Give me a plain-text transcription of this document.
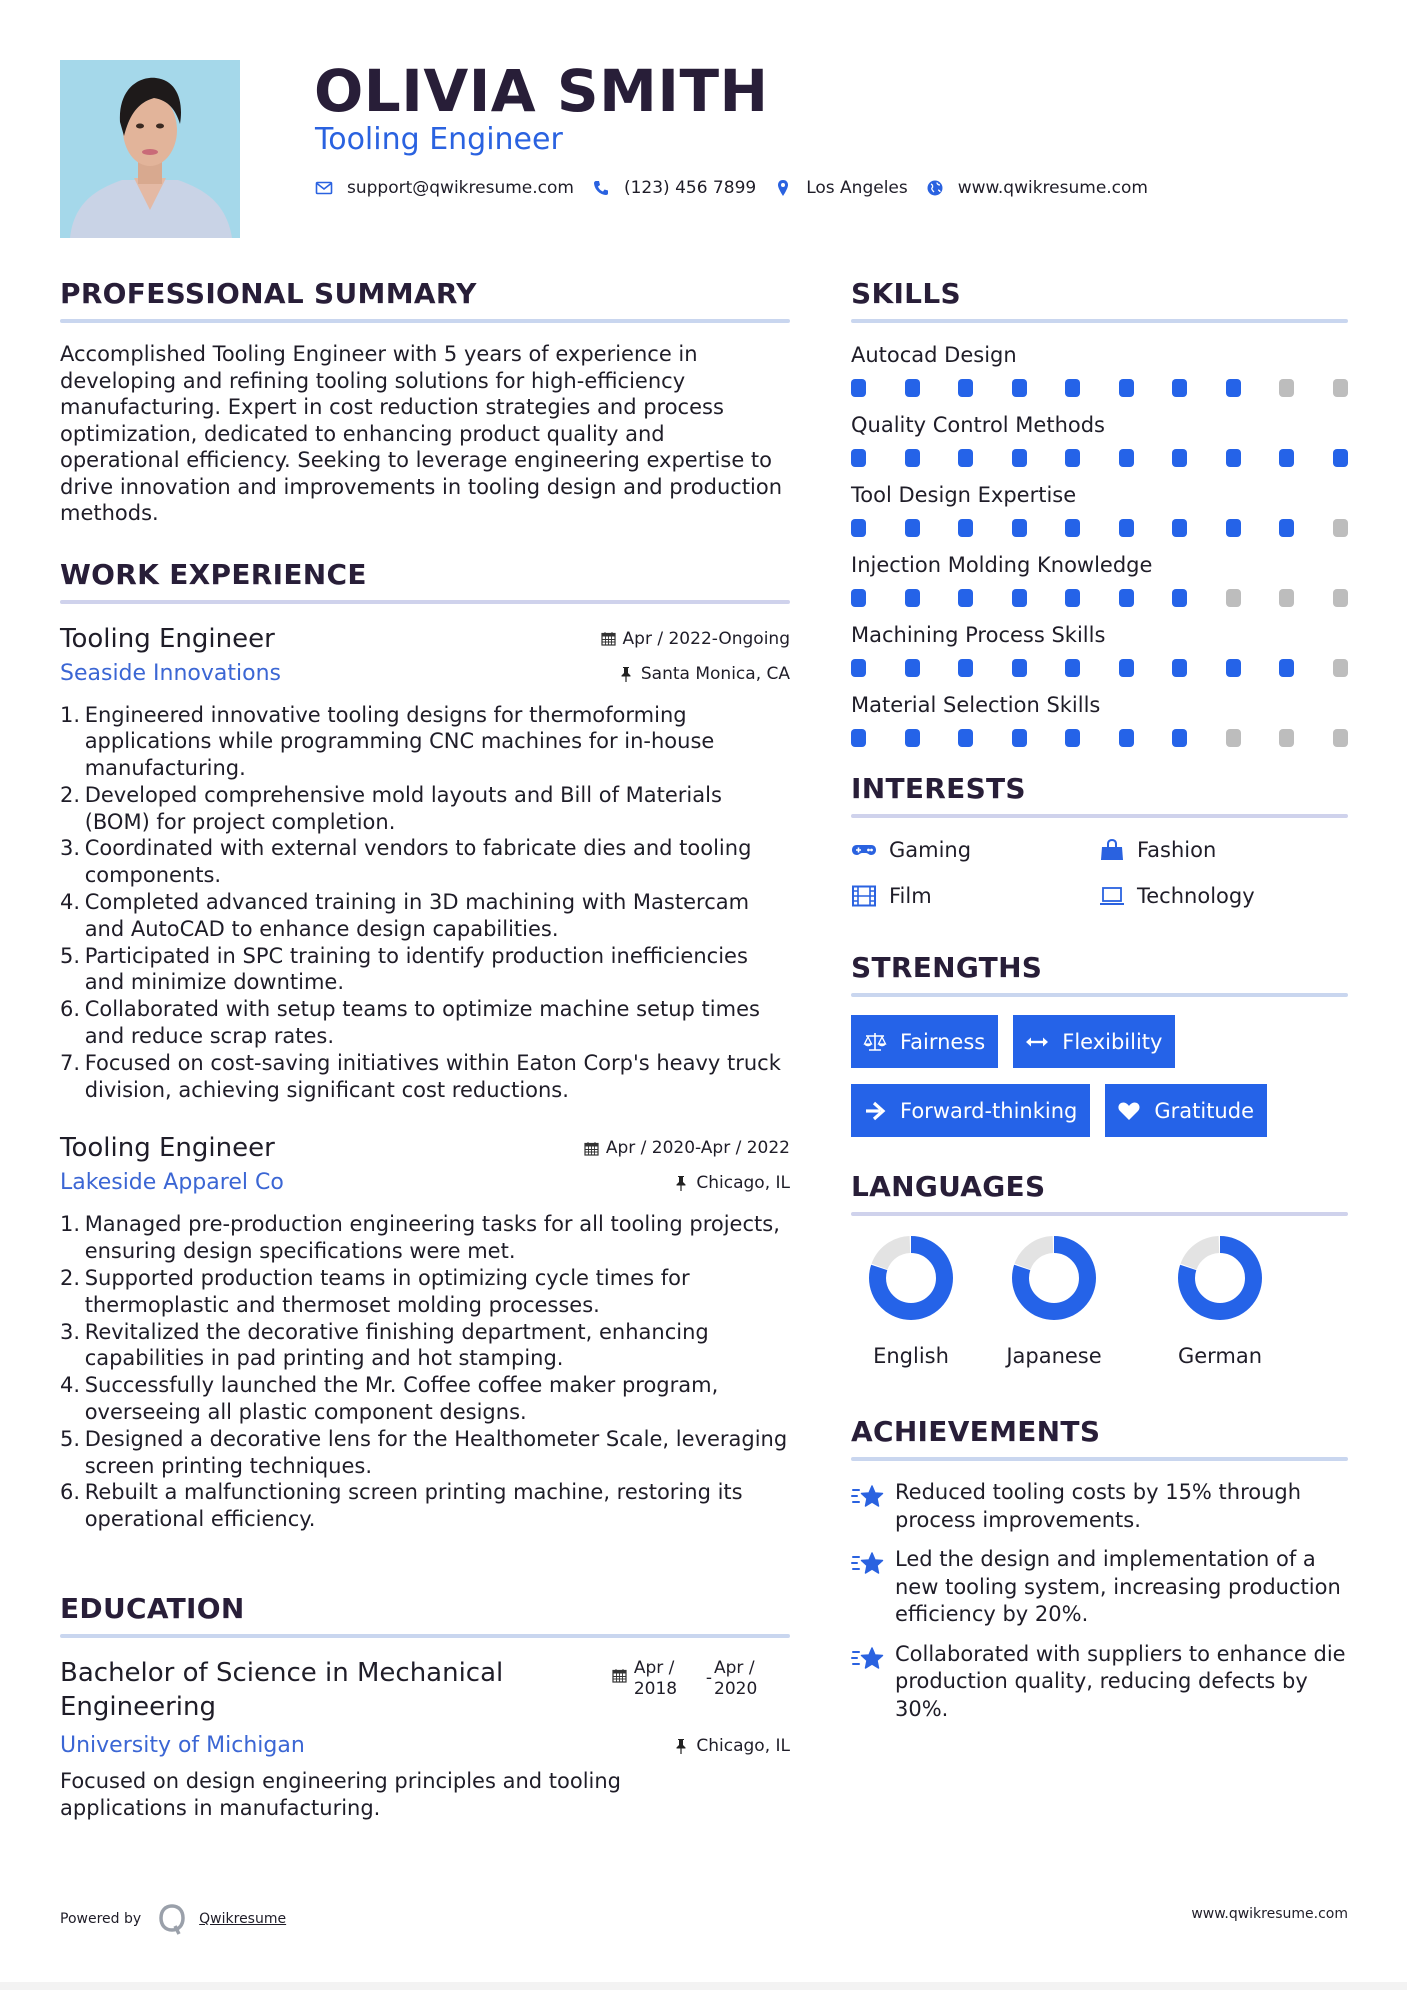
OLIVIA SMITH
Tooling Engineer
support@qwikresume.com	(123) 456 7899	Los Angeles	www.qwikresume.com
PROFESSIONAL SUMMARY

Accomplished Tooling Engineer with 5 years of experience in developing and refining tooling solutions for high-efficiency manufacturing. Expert in cost reduction strategies and process optimization, dedicated to enhancing product quality and operational efficiency. Seeking to leverage engineering expertise to drive innovation and improvements in tooling design and production methods.

WORK EXPERIENCE
Tooling Engineer	Apr / 2022-Ongoing
Seaside Innovations	Santa Monica, CA
1.
Engineered innovative tooling designs for thermoforming applications while programming CNC machines for in-house manufacturing.
2.
Developed comprehensive mold layouts and Bill of Materials (BOM) for project completion.
3.
Coordinated with external vendors to fabricate dies and tooling components.
4.
Completed advanced training in 3D machining with Mastercam and AutoCAD to enhance design capabilities.
5.
Participated in SPC training to identify production inefficiencies and minimize downtime.
6.
Collaborated with setup teams to optimize machine setup times and reduce scrap rates.
7.
Focused on cost-saving initiatives within Eaton Corp's heavy truck division, achieving significant cost reductions.
Tooling Engineer	Apr / 2020-Apr / 2022
Lakeside Apparel Co	Chicago, IL
1.
Managed pre-production engineering tasks for all tooling projects, ensuring design specifications were met.
2.
Supported production teams in optimizing cycle times for thermoplastic and thermoset molding processes.
3.
Revitalized the decorative finishing department, enhancing capabilities in pad printing and hot stamping.
4.
Successfully launched the Mr. Coffee coffee maker program, overseeing all plastic component designs.
5.
Designed a decorative lens for the Healthometer Scale, leveraging screen printing techniques.
6.
Rebuilt a malfunctioning screen printing machine, restoring its operational efficiency.
EDUCATION
Bachelor of Science in Mechanical Engineering
Apr / 2018
- Apr / 2020
University of Michigan	Chicago, IL

Focused on design engineering principles and tooling applications in manufacturing.

SKILLS
Autocad Design
Quality Control Methods
Tool Design Expertise
Injection Molding Knowledge
Machining Process Skills
Material Selection Skills
INTERESTS
Gaming	Fashion
Film	Technology
STRENGTHS
Fairness	Flexibility
Forward-thinking	Gratitude
LANGUAGES
English	Japanese	German
ACHIEVEMENTS
Reduced tooling costs by 15% through process improvements.
Led the design and implementation of a new tooling system, increasing production efficiency by 20%.
Collaborated with suppliers to enhance die production quality, reducing defects by 30%.
Powered by	Qwikresume	www.qwikresume.com
